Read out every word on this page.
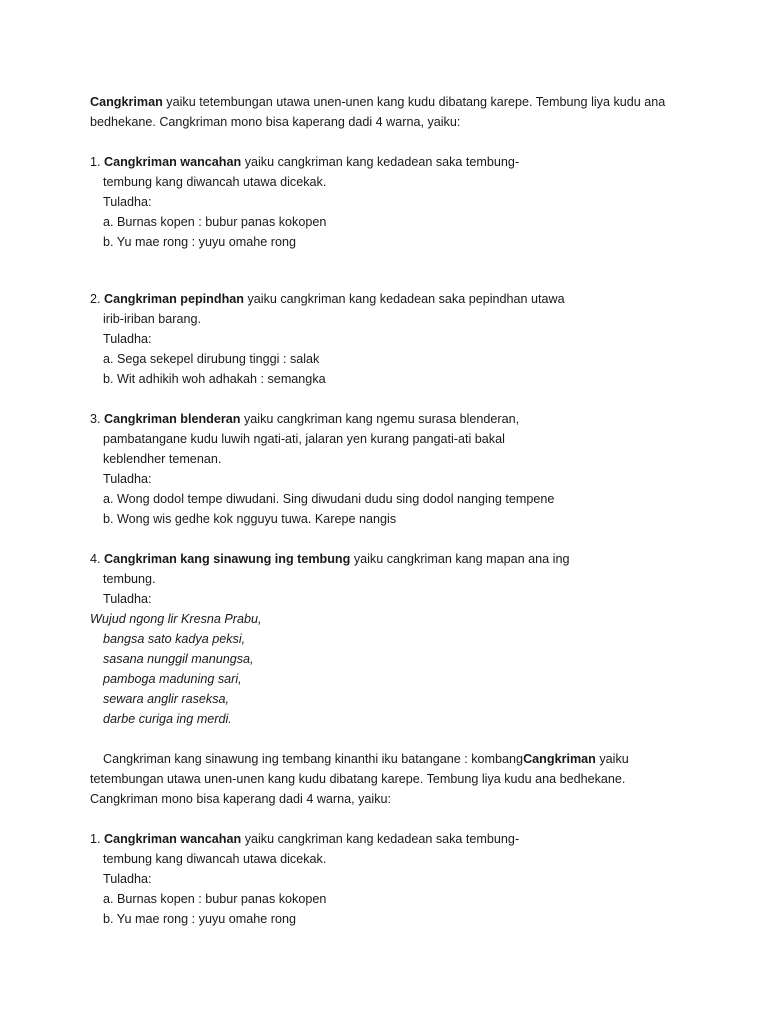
Cangkriman yaiku tetembungan utawa unen-unen kang kudu dibatang karepe. Tembung liya kudu ana
bedhekane. Cangkriman mono bisa kaperang dadi 4 warna, yaiku:
1. Cangkriman wancahan yaiku cangkriman kang kedadean saka tembung-
tembung kang diwancah utawa dicekak.
Tuladha:
a. Burnas kopen : bubur panas kokopen
b. Yu mae rong : yuyu omahe rong
2. Cangkriman pepindhan yaiku cangkriman kang kedadean saka pepindhan utawa
irib-iriban barang.
Tuladha:
a. Sega sekepel dirubung tinggi : salak
b. Wit adhikih woh adhakah : semangka
3. Cangkriman blenderan yaiku cangkriman kang ngemu surasa blenderan,
pambatangane kudu luwih ngati-ati, jalaran yen kurang pangati-ati bakal
keblendher temenan.
Tuladha:
a. Wong dodol tempe diwudani. Sing diwudani dudu sing dodol nanging tempene
b. Wong wis gedhe kok ngguyu tuwa. Karepe nangis
4. Cangkriman kang sinawung ing tembung yaiku cangkriman kang mapan ana ing
tembung.
Tuladha:
Wujud ngong lir Kresna Prabu,
bangsa sato kadya peksi,
sasana nunggil manungsa,
pamboga maduning sari,
sewara anglir raseksa,
darbe curiga ing merdi.
Cangkriman kang sinawung ing tembang kinanthi iku batangane : kombangCangkriman yaiku
tetembungan utawa unen-unen kang kudu dibatang karepe. Tembung liya kudu ana bedhekane.
Cangkriman mono bisa kaperang dadi 4 warna, yaiku:
1. Cangkriman wancahan yaiku cangkriman kang kedadean saka tembung-
tembung kang diwancah utawa dicekak.
Tuladha:
a. Burnas kopen : bubur panas kokopen
b. Yu mae rong : yuyu omahe rong
